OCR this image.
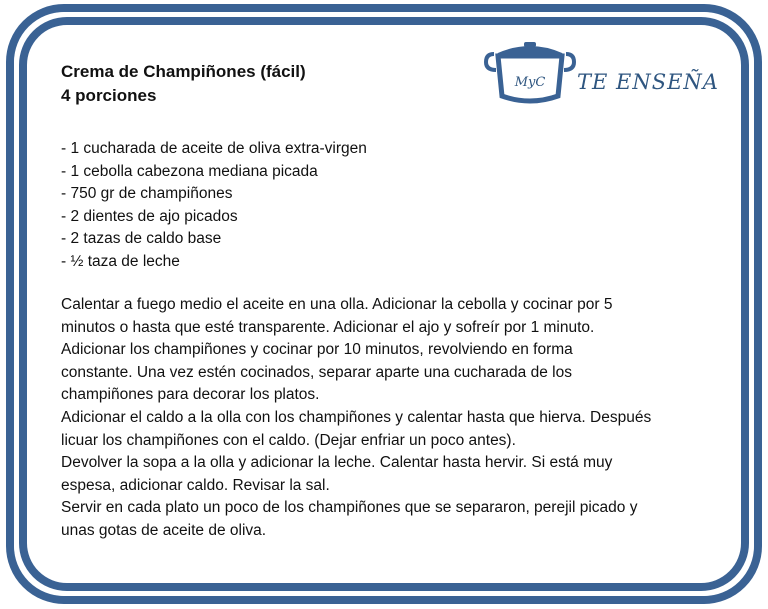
MyC TE ENSEÑA
Crema de Champiñones (fácil)
4 porciones
- 1 cucharada de aceite de oliva extra-virgen
- 1 cebolla cabezona mediana picada
- 750 gr de champiñones
- 2 dientes de ajo picados
- 2 tazas de caldo base
- ½ taza de leche

Calentar a fuego medio el aceite en una olla. Adicionar la cebolla y cocinar por 5

minutos o hasta que esté transparente. Adicionar el ajo y sofreír por 1 minuto.

Adicionar los champiñones y cocinar por 10 minutos, revolviendo en forma

constante. Una vez estén cocinados, separar aparte una cucharada de los

champiñones para decorar los platos.

Adicionar el caldo a la olla con los champiñones y calentar hasta que hierva. Después

licuar los champiñones con el caldo. (Dejar enfriar un poco antes).

Devolver la sopa a la olla y adicionar la leche. Calentar hasta hervir. Si está muy

espesa, adicionar caldo. Revisar la sal.

Servir en cada plato un poco de los champiñones que se separaron, perejil picado y

unas gotas de aceite de oliva.
